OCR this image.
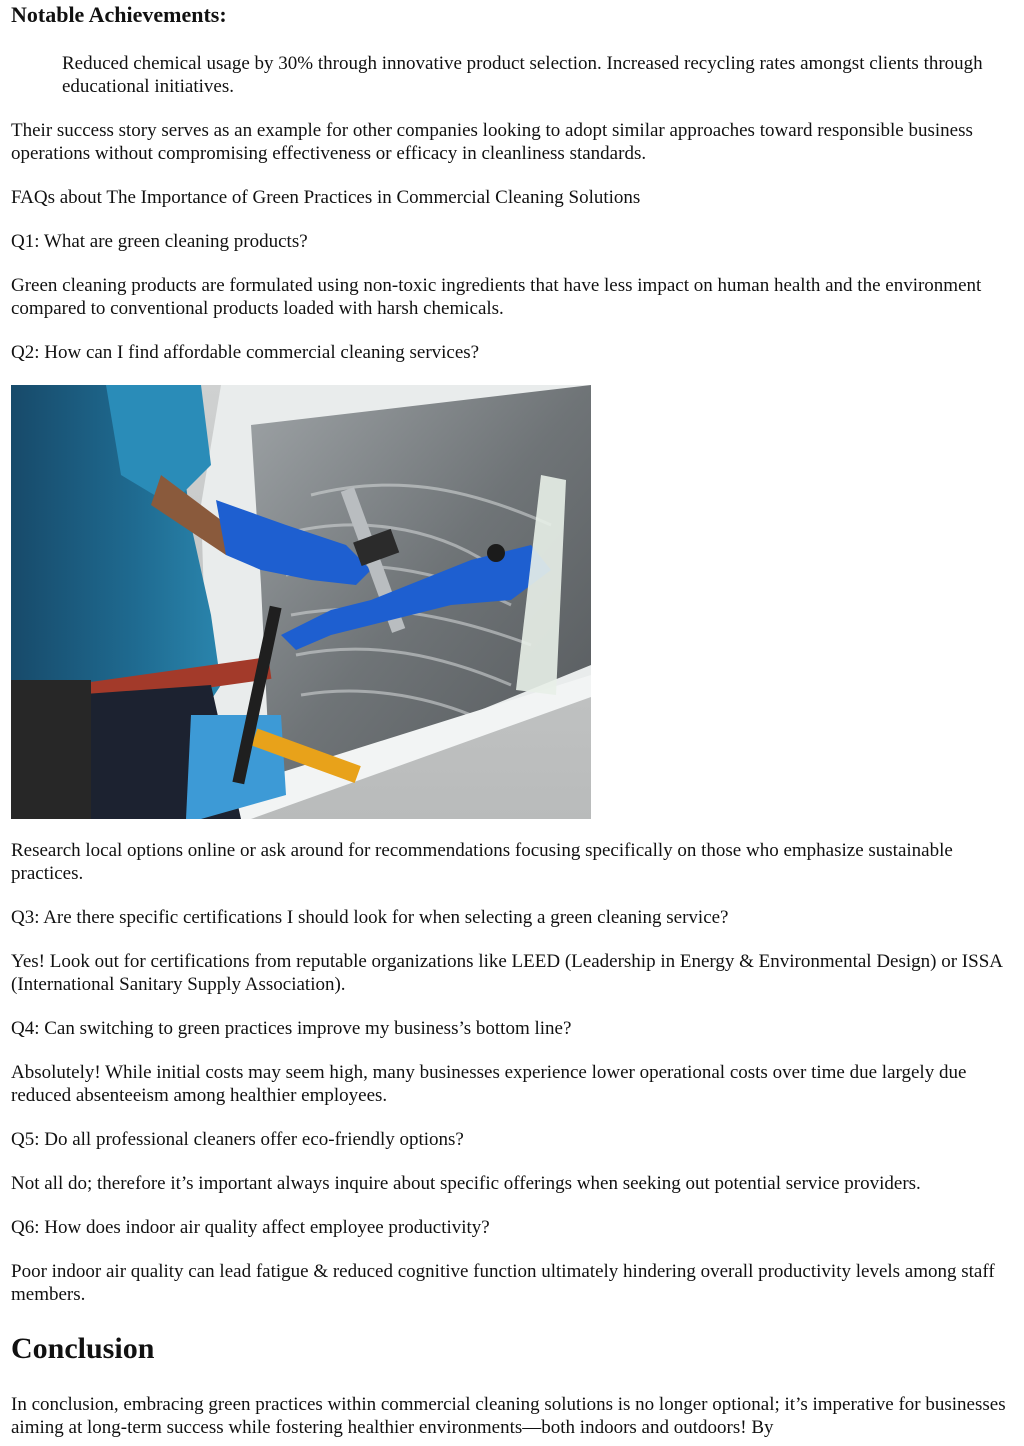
Notable Achievements:
Reduced chemical usage by 30% through innovative product selection. Increased recycling rates amongst clients through educational initiatives.

Their success story serves as an example for other companies looking to adopt similar approaches toward responsible business operations without compromising effectiveness or efficacy in cleanliness standards.

FAQs about The Importance of Green Practices in Commercial Cleaning Solutions

Q1: What are green cleaning products?

Green cleaning products are formulated using non-toxic ingredients that have less impact on human health and the environment compared to conventional products loaded with harsh chemicals.

Q2: How can I find affordable commercial cleaning services?

Research local options online or ask around for recommendations focusing specifically on those who emphasize sustainable practices.

Q3: Are there specific certifications I should look for when selecting a green cleaning service?

Yes! Look out for certifications from reputable organizations like LEED (Leadership in Energy & Environmental Design) or ISSA (International Sanitary Supply Association).

Q4: Can switching to green practices improve my business’s bottom line?

Absolutely! While initial costs may seem high, many businesses experience lower operational costs over time due largely due reduced absenteeism among healthier employees.

Q5: Do all professional cleaners offer eco-friendly options?

Not all do; therefore it’s important always inquire about specific offerings when seeking out potential service providers.

Q6: How does indoor air quality affect employee productivity?

Poor indoor air quality can lead fatigue & reduced cognitive function ultimately hindering overall productivity levels among staff members.

Conclusion

In conclusion, embracing green practices within commercial cleaning solutions is no longer optional; it’s imperative for businesses aiming at long-term success while fostering healthier environments—both indoors and outdoors! By
